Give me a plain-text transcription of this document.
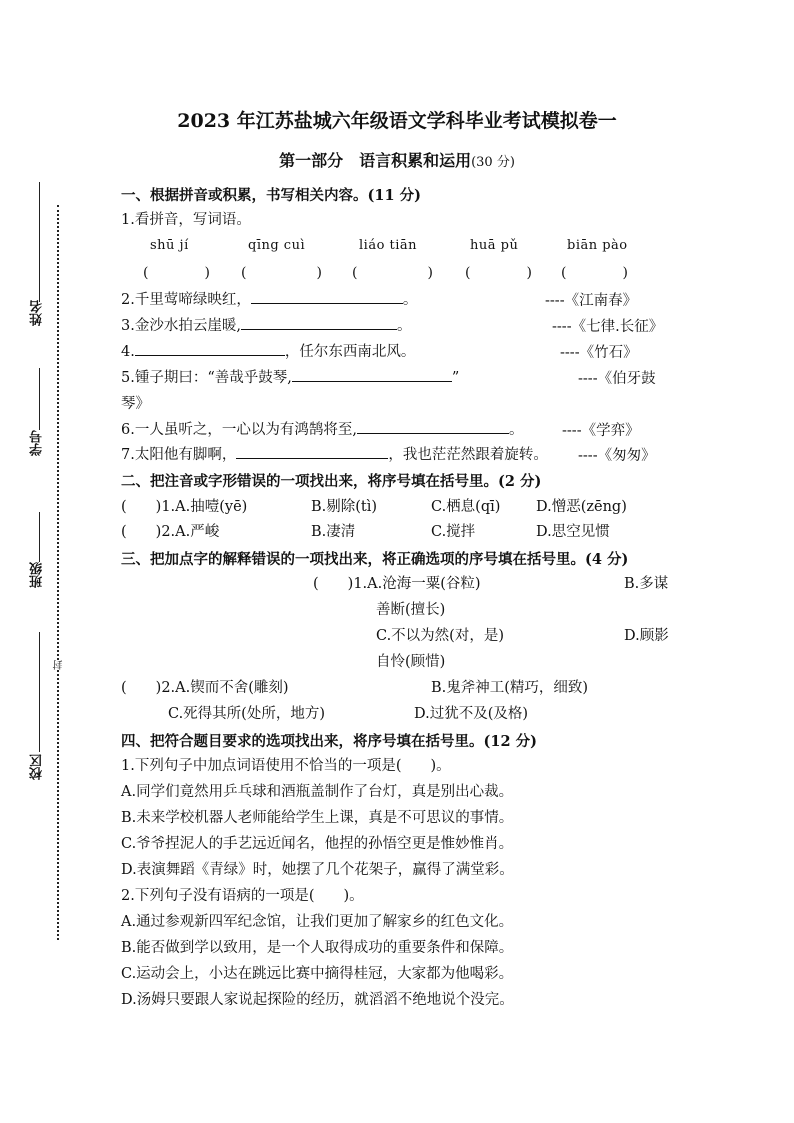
姓名
学号
班级
校区
封
2023 年江苏盐城六年级语文学科毕业考试模拟卷一
第一部分　语言积累和运用(30 分)
一、根据拼音或积累，书写相关内容。(11 分)
1.看拼音，写词语。
shū jí	qīng cuì	liáo tiān	huā pǔ	biān pào
(　　　　) (　　　　　) (　　　　　) (　　　　) (　　　　)
2.千里莺啼绿映红，	。	----《江南春》
3.金沙水拍云崖暖,	。	----《七律.长征》
4.	，任尔东西南北风。	----《竹石》
5.锺子期曰：“善哉乎鼓琴,	”	----《伯牙鼓
琴》
6.一人虽听之，一心以为有鸿鹄将至,	。	----《学弈》
7.太阳他有脚啊，	，我也茫茫然跟着旋转。 ----《匆匆》
二、把注音或字形错误的一项找出来，将序号填在括号里。(2 分)
(　　)1.A.抽噎(yē)	B.剔除(tì)	C.栖息(qī) D.憎恶(zēng)
(　　)2.A.严峻	B.凄清	C.搅拌	D.思空见惯
三、把加点字的解释错误的一项找出来，将正确选项的序号填在括号里。(4 分)
(　　)1.A.沧海一粟(谷粒)	B.多谋
善断(擅长)
C.不以为然(对，是)	D.顾影
自怜(顾惜)
(　　)2.A.锲而不舍(雕刻)	B.鬼斧神工(精巧，细致)
C.死得其所(处所，地方)	D.过犹不及(及格)
四、把符合题目要求的选项找出来，将序号填在括号里。(12 分)
1.下列句子中加点词语使用不恰当的一项是(　　)。
A.同学们竟然用乒乓球和酒瓶盖制作了台灯，真是别出心裁。
B.未来学校机器人老师能给学生上课，真是不可思议的事情。
C.爷爷捏泥人的手艺远近闻名，他捏的孙悟空更是惟妙惟肖。
D.表演舞蹈《青绿》时，她摆了几个花架子，赢得了满堂彩。
2.下列句子没有语病的一项是(　　)。
A.通过参观新四军纪念馆，让我们更加了解家乡的红色文化。
B.能否做到学以致用，是一个人取得成功的重要条件和保障。
C.运动会上，小达在跳远比赛中摘得桂冠，大家都为他喝彩。
D.汤姆只要跟人家说起探险的经历，就滔滔不绝地说个没完。
